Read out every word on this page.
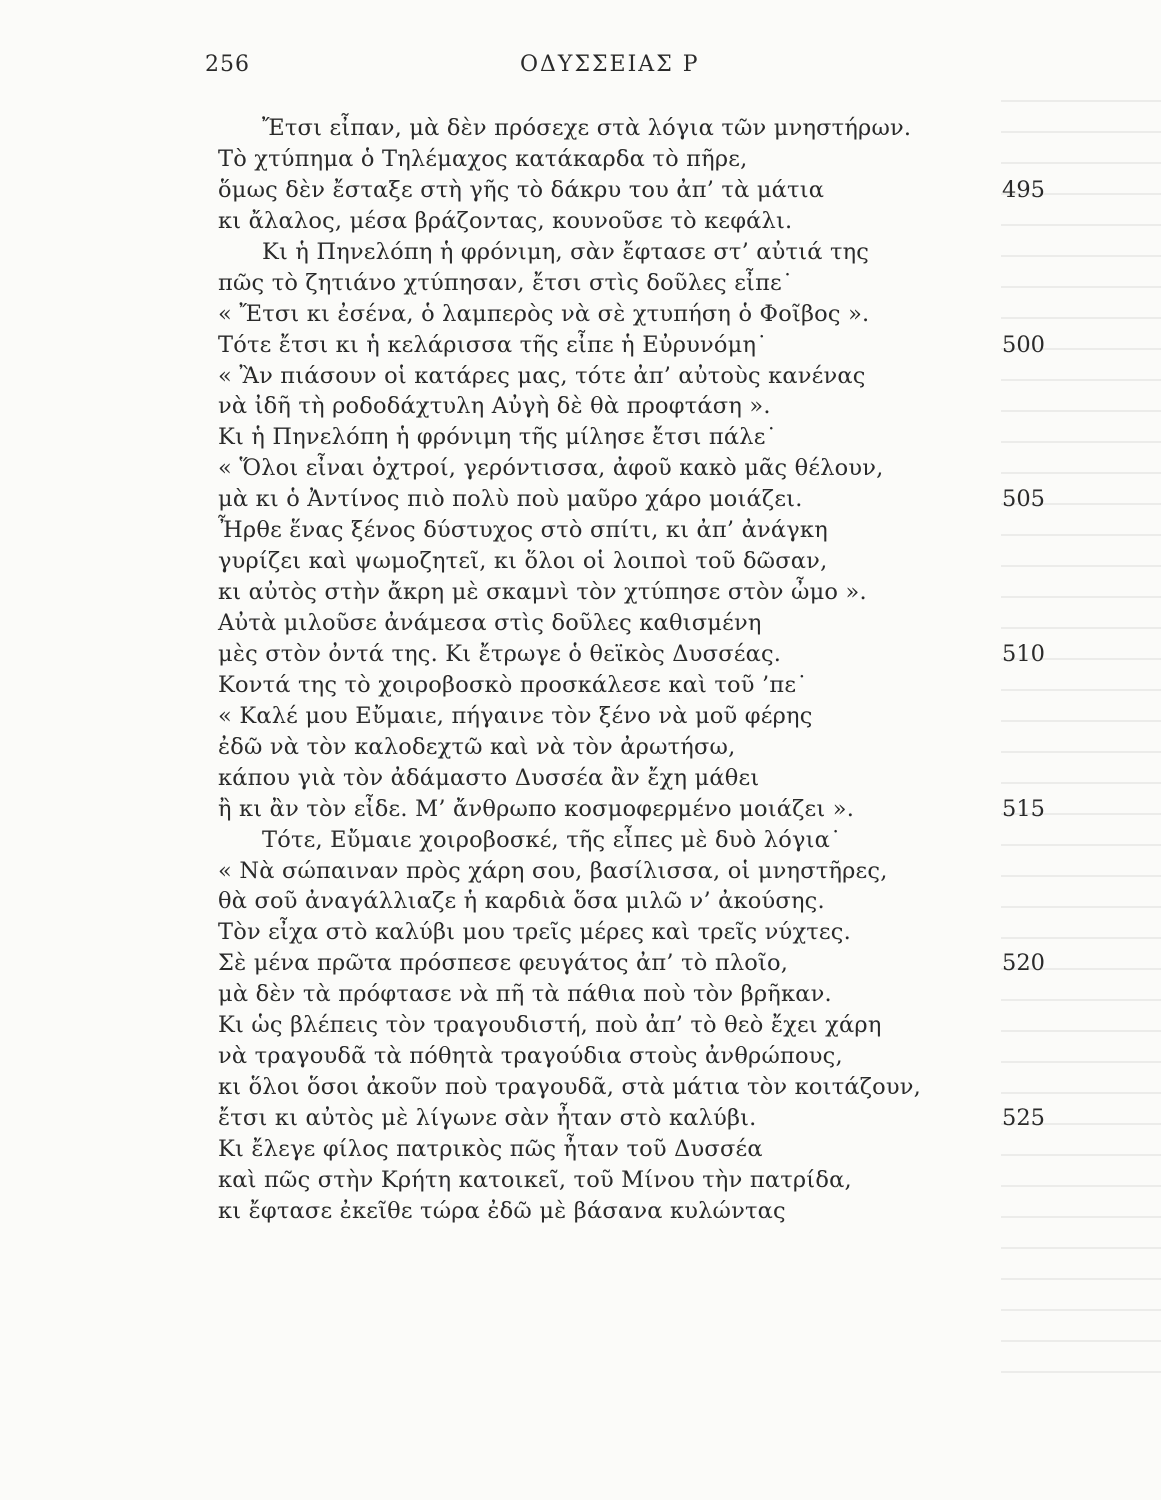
256	ΟΔΥΣΣΕΙΑΣ Ρ
Ἔτσι εἶπαν, μὰ δὲν πρόσεχε στὰ λόγια τῶν μνηστήρων.
Τὸ χτύπημα ὁ Τηλέμαχος κατάκαρδα τὸ πῆρε,
ὅμως δὲν ἔσταξε στὴ γῆς τὸ δάκρυ του ἀπ’ τὰ μάτια	495
κι ἄλαλος, μέσα βράζοντας, κουνοῦσε τὸ κεφάλι.
Κι ἡ Πηνελόπη ἡ φρόνιμη, σὰν ἔφτασε στ’ αὐτιά της
πῶς τὸ ζητιάνο χτύπησαν, ἔτσι στὶς δοῦλες εἶπε˙
« Ἔτσι κι ἐσένα, ὁ λαμπερὸς νὰ σὲ χτυπήση ὁ Φοῖβος ».
Τότε ἔτσι κι ἡ κελάρισσα τῆς εἶπε ἡ Εὐρυνόμη˙	500
« Ἂν πιάσουν οἱ κατάρες μας, τότε ἀπ’ αὐτοὺς κανένας
νὰ ἰδῆ τὴ ροδοδάχτυλη Αὐγὴ δὲ θὰ προφτάση ».
Κι ἡ Πηνελόπη ἡ φρόνιμη τῆς μίλησε ἔτσι πάλε˙
« Ὅλοι εἶναι ὀχτροί, γερόντισσα, ἀφοῦ κακὸ μᾶς θέλουν,
μὰ κι ὁ Ἀντίνος πιὸ πολὺ ποὺ μαῦρο χάρο μοιάζει.	505
Ἦρθε ἕνας ξένος δύστυχος στὸ σπίτι, κι ἀπ’ ἀνάγκη
γυρίζει καὶ ψωμοζητεῖ, κι ὅλοι οἱ λοιποὶ τοῦ δῶσαν,
κι αὐτὸς στὴν ἄκρη μὲ σκαμνὶ τὸν χτύπησε στὸν ὦμο ».
Αὐτὰ μιλοῦσε ἀνάμεσα στὶς δοῦλες καθισμένη
μὲς στὸν ὀντά της. Κι ἔτρωγε ὁ θεϊκὸς Δυσσέας.	510
Κοντά της τὸ χοιροβοσκὸ προσκάλεσε καὶ τοῦ ’πε˙
« Καλέ μου Εὔμαιε, πήγαινε τὸν ξένο νὰ μοῦ φέρης
ἐδῶ νὰ τὸν καλοδεχτῶ καὶ νὰ τὸν ἀρωτήσω,
κάπου γιὰ τὸν ἀδάμαστο Δυσσέα ἂν ἔχη μάθει
ἢ κι ἂν τὸν εἶδε. Μ’ ἄνθρωπο κοσμοφερμένο μοιάζει ».	515
Τότε, Εὔμαιε χοιροβοσκέ, τῆς εἶπες μὲ δυὸ λόγια˙
« Νὰ σώπαιναν πρὸς χάρη σου, βασίλισσα, οἱ μνηστῆρες,
θὰ σοῦ ἀναγάλλιαζε ἡ καρδιὰ ὅσα μιλῶ ν’ ἀκούσης.
Τὸν εἶχα στὸ καλύβι μου τρεῖς μέρες καὶ τρεῖς νύχτες.
Σὲ μένα πρῶτα πρόσπεσε φευγάτος ἀπ’ τὸ πλοῖο,	520
μὰ δὲν τὰ πρόφτασε νὰ πῆ τὰ πάθια ποὺ τὸν βρῆκαν.
Κι ὡς βλέπεις τὸν τραγουδιστή, ποὺ ἀπ’ τὸ θεὸ ἔχει χάρη
νὰ τραγουδᾶ τὰ πόθητὰ τραγούδια στοὺς ἀνθρώπους,
κι ὅλοι ὅσοι ἀκοῦν ποὺ τραγουδᾶ, στὰ μάτια τὸν κοιτάζουν,
ἔτσι κι αὐτὸς μὲ λίγωνε σὰν ἦταν στὸ καλύβι.	525
Κι ἔλεγε φίλος πατρικὸς πῶς ἦταν τοῦ Δυσσέα
καὶ πῶς στὴν Κρήτη κατοικεῖ, τοῦ Μίνου τὴν πατρίδα,
κι ἔφτασε ἐκεῖθε τώρα ἐδῶ μὲ βάσανα κυλώντας
